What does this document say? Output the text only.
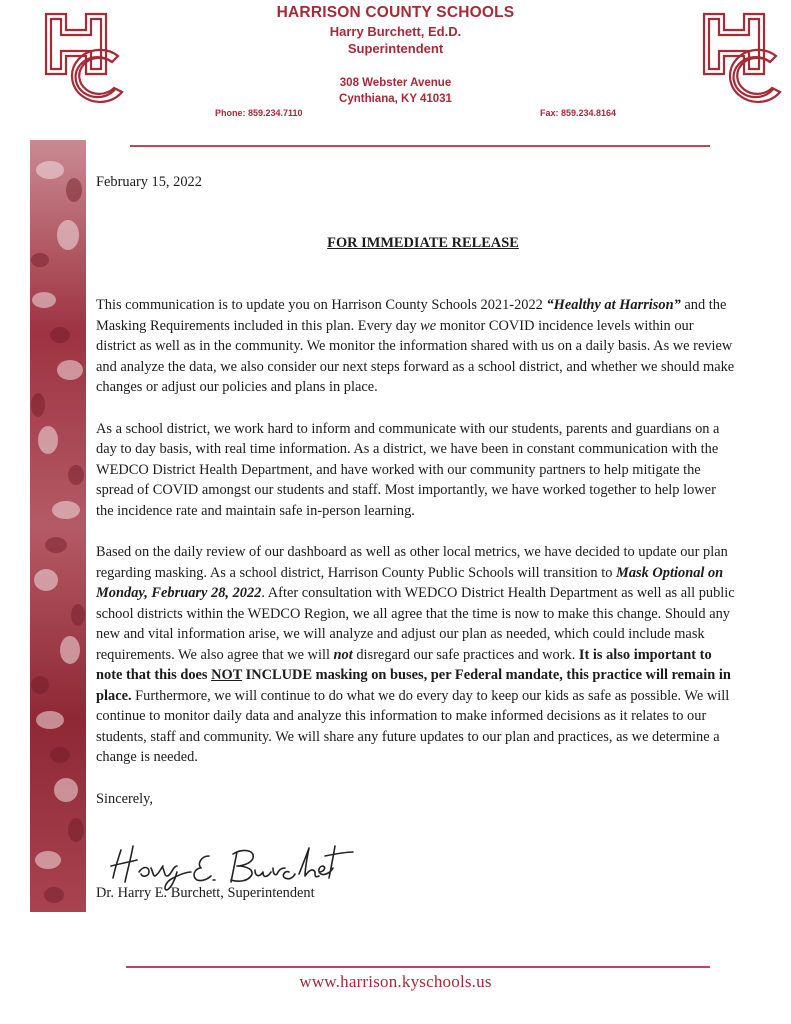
HARRISON COUNTY SCHOOLS
Harry Burchett, Ed.D.
Superintendent
308 Webster Avenue
Cynthiana, KY 41031
Phone: 859.234.7110	Fax: 859.234.8164

February 15, 2022

FOR IMMEDIATE RELEASE

This communication is to update you on Harrison County Schools 2021-2022 “Healthy at Harrison” and the Masking Requirements included in this plan. Every day we monitor COVID incidence levels within our district as well as in the community. We monitor the information shared with us on a daily basis. As we review and analyze the data, we also consider our next steps forward as a school district, and whether we should make changes or adjust our policies and plans in place.

As a school district, we work hard to inform and communicate with our students, parents and guardians on a day to day basis, with real time information. As a district, we have been in constant communication with the WEDCO District Health Department, and have worked with our community partners to help mitigate the spread of COVID amongst our students and staff. Most importantly, we have worked together to help lower the incidence rate and maintain safe in-person learning.

Based on the daily review of our dashboard as well as other local metrics, we have decided to update our plan regarding masking. As a school district, Harrison County Public Schools will transition to Mask Optional on Monday, February 28, 2022. After consultation with WEDCO District Health Department as well as all public school districts within the WEDCO Region, we all agree that the time is now to make this change. Should any new and vital information arise, we will analyze and adjust our plan as needed, which could include mask requirements. We also agree that we will not disregard our safe practices and work. It is also important to note that this does NOT INCLUDE masking on buses, per Federal mandate, this practice will remain in place. Furthermore, we will continue to do what we do every day to keep our kids as safe as possible. We will continue to monitor daily data and analyze this information to make informed decisions as it relates to our students, staff and community. We will share any future updates to our plan and practices, as we determine a change is needed.

Sincerely,

Dr. Harry E. Burchett, Superintendent
www.harrison.kyschools.us
